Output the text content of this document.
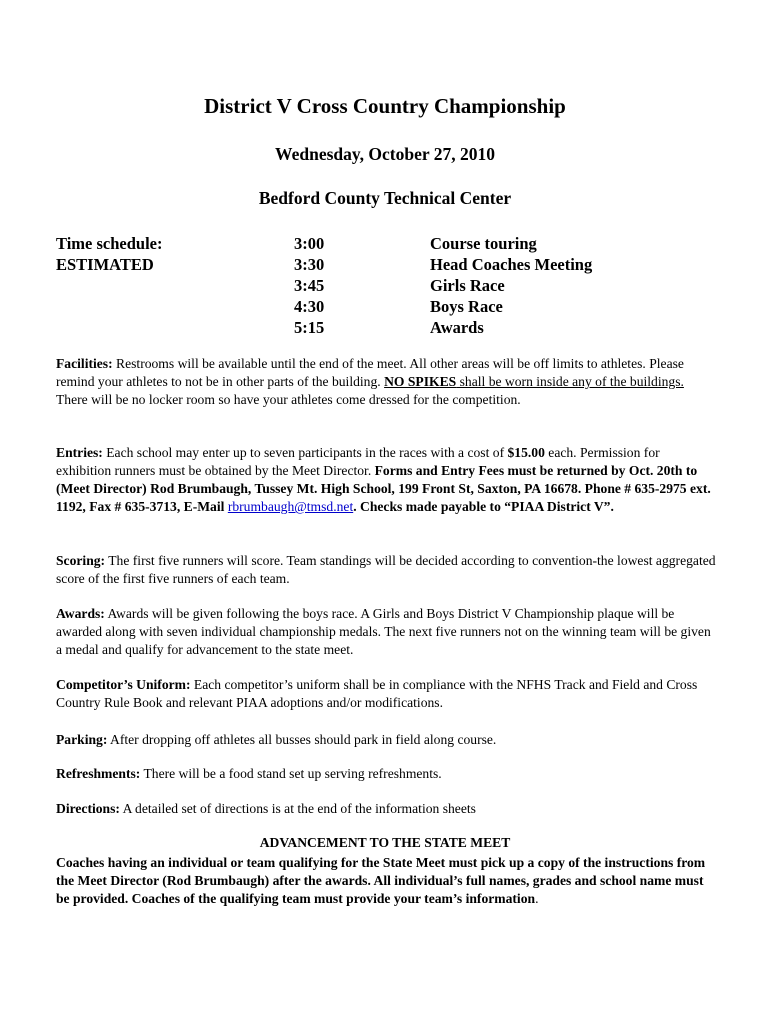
District V Cross Country Championship
Wednesday, October 27, 2010
Bedford County Technical Center
Time schedule:
ESTIMATED
3:00
3:30
3:45
4:30
5:15
Course touring
Head Coaches Meeting
Girls Race
Boys Race
Awards
Facilities: Restrooms will be available until the end of the meet. All other areas will be off limits to athletes. Please remind your athletes to not be in other parts of the building. NO SPIKES shall be worn inside any of the buildings. There will be no locker room so have your athletes come dressed for the competition.
Entries: Each school may enter up to seven participants in the races with a cost of $15.00 each. Permission for exhibition runners must be obtained by the Meet Director. Forms and Entry Fees must be returned by Oct. 20th to (Meet Director) Rod Brumbaugh, Tussey Mt. High School, 199 Front St, Saxton, PA 16678. Phone # 635-2975 ext. 1192, Fax # 635-3713, E-Mail rbrumbaugh@tmsd.net. Checks made payable to “PIAA District V”.
Scoring: The first five runners will score. Team standings will be decided according to convention-the lowest aggregated score of the first five runners of each team.
Awards: Awards will be given following the boys race. A Girls and Boys District V Championship plaque will be awarded along with seven individual championship medals. The next five runners not on the winning team will be given a medal and qualify for advancement to the state meet.
Competitor’s Uniform: Each competitor’s uniform shall be in compliance with the NFHS Track and Field and Cross Country Rule Book and relevant PIAA adoptions and/or modifications.
Parking: After dropping off athletes all busses should park in field along course.
Refreshments: There will be a food stand set up serving refreshments.
Directions: A detailed set of directions is at the end of the information sheets
ADVANCEMENT TO THE STATE MEET
Coaches having an individual or team qualifying for the State Meet must pick up a copy of the instructions from the Meet Director (Rod Brumbaugh) after the awards. All individual’s full names, grades and school name must be provided. Coaches of the qualifying team must provide your team’s information.
